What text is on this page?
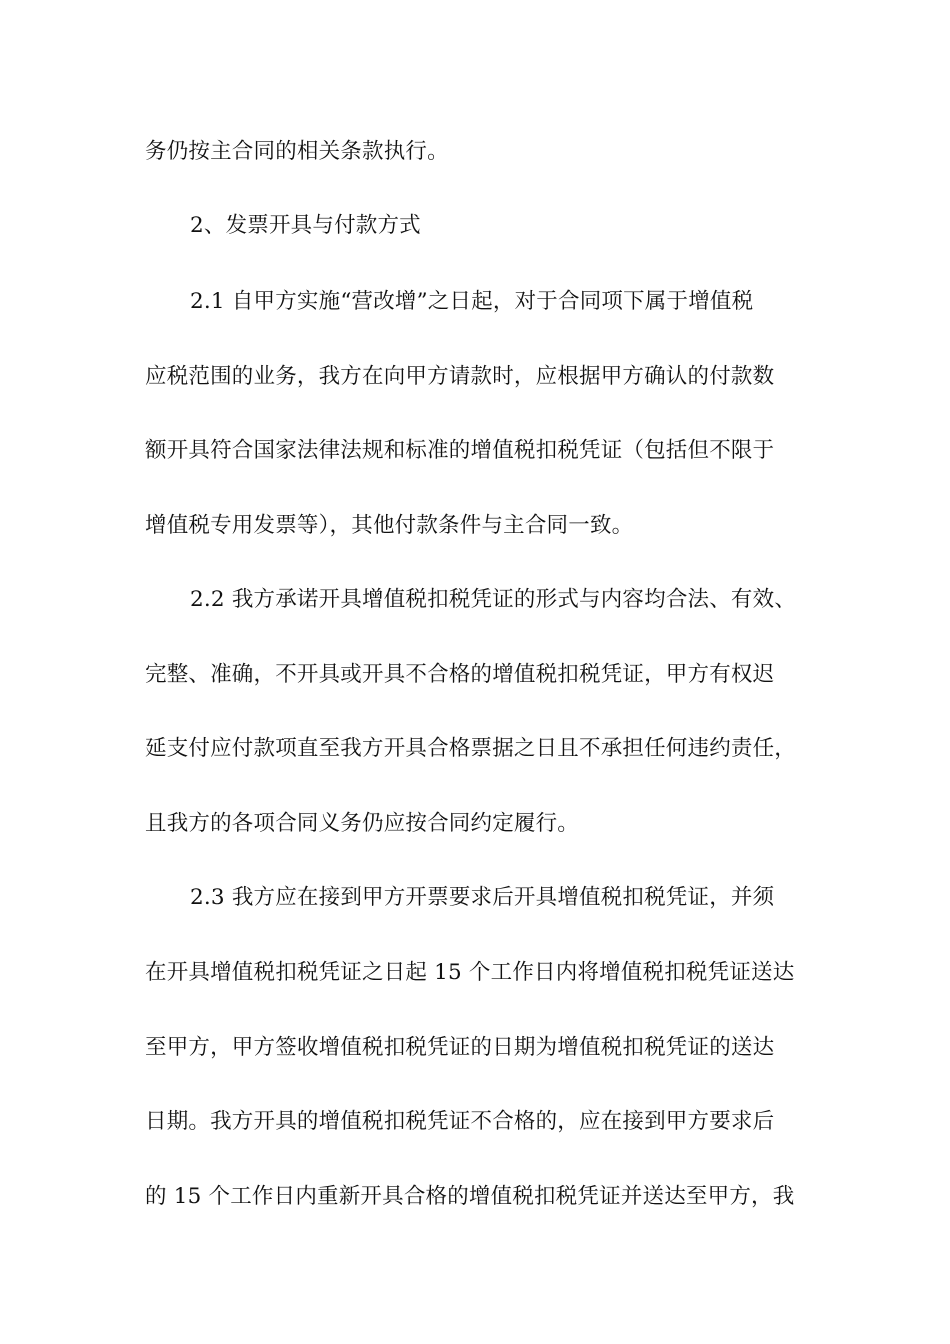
务仍按主合同的相关条款执行。
2、发票开具与付款方式
2.1 自甲方实施“营改增”之日起，对于合同项下属于增值税
应税范围的业务，我方在向甲方请款时，应根据甲方确认的付款数
额开具符合国家法律法规和标准的增值税扣税凭证（包括但不限于
增值税专用发票等），其他付款条件与主合同一致。
2.2 我方承诺开具增值税扣税凭证的形式与内容均合法、有效、
完整、准确，不开具或开具不合格的增值税扣税凭证，甲方有权迟
延支付应付款项直至我方开具合格票据之日且不承担任何违约责任，
且我方的各项合同义务仍应按合同约定履行。
2.3 我方应在接到甲方开票要求后开具增值税扣税凭证，并须
在开具增值税扣税凭证之日起 15 个工作日内将增值税扣税凭证送达
至甲方，甲方签收增值税扣税凭证的日期为增值税扣税凭证的送达
日期。我方开具的增值税扣税凭证不合格的，应在接到甲方要求后
的 15 个工作日内重新开具合格的增值税扣税凭证并送达至甲方，我
